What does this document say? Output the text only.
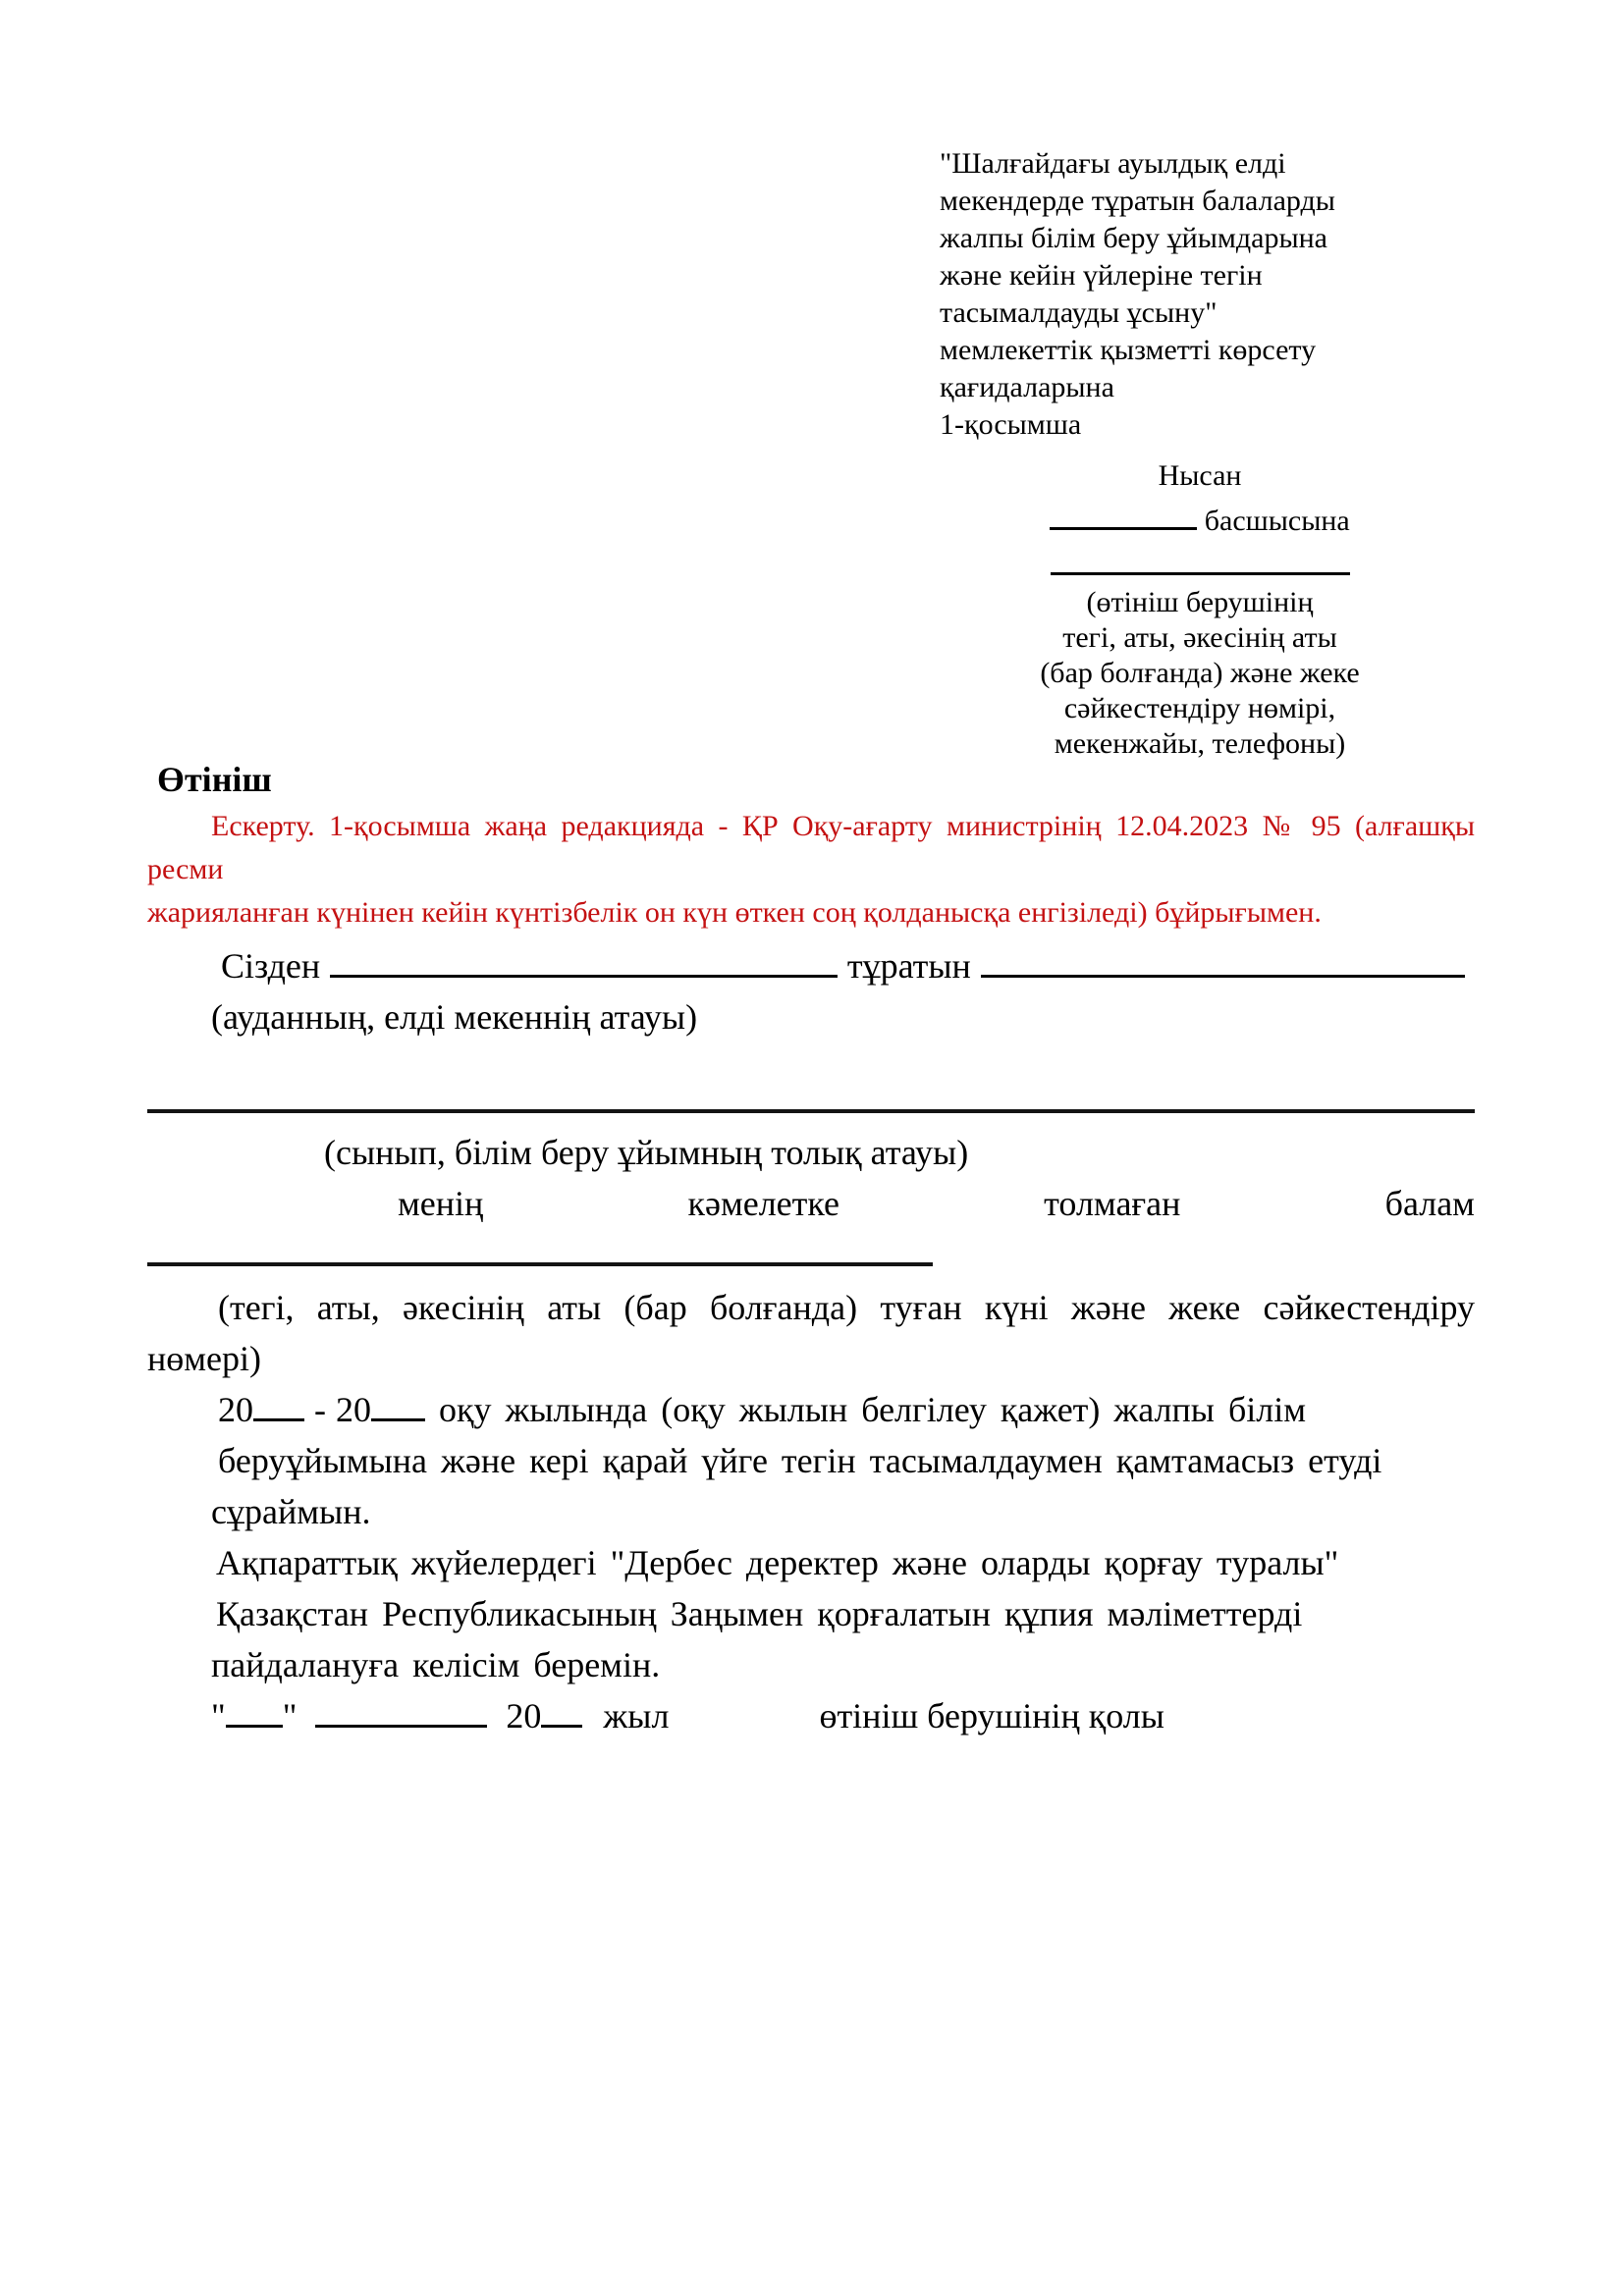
"Шалғайдағы ауылдық елді
мекендерде тұратын балаларды
жалпы білім беру ұйымдарына
және кейін үйлеріне тегін
тасымалдауды ұсыну"
мемлекеттік қызметті көрсету
қағидаларына
1-қосымша
Нысан
басшысына
(өтініш берушінің
тегі, аты, әкесінің аты
(бар болғанда) және жеке
сәйкестендіру нөмірі,
мекенжайы, телефоны)
Өтініш
Ескерту. 1-қосымша жаңа редакцияда - ҚР Оқу-ағарту министрінің 12.04.2023 № 95 (алғашқы ресми
жарияланған күнінен кейін күнтізбелік он күн өткен соң қолданысқа енгізіледі) бұйрығымен.
Сізден	тұратын
(ауданның, елді мекеннің атауы)
(сынып, білім беру ұйымның толық атауы)
менің	кәмелетке	толмаған	балам
(тегі, аты, әкесінің аты (бар болғанда) туған күні және жеке сәйкестендіру
нөмері)
20 - 20 оқу жылында (оқу жылын белгілеу қажет) жалпы білім
беруұйымына және кері қарай үйге тегін тасымалдаумен қамтамасыз етуді
сұраймын.
Ақпараттық жүйелердегі "Дербес деректер және оларды қорғау туралы"
Қазақстан Республикасының Заңымен қорғалатын құпия мәліметтерді
пайдалануға келісім беремін.
" "	20 жыл	өтініш берушінің қолы
